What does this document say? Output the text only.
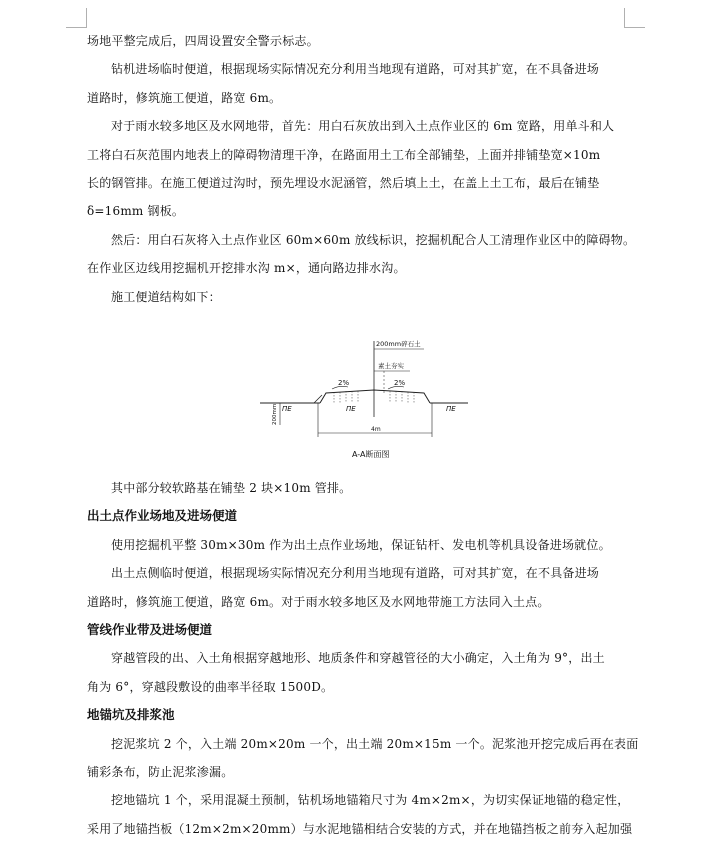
场地平整完成后，四周设置安全警示标志。
钻机进场临时便道，根据现场实际情况充分利用当地现有道路，可对其扩宽，在不具备进场
道路时，修筑施工便道，路宽 6m。
对于雨水较多地区及水网地带，首先：用白石灰放出到入土点作业区的 6m 宽路，用单斗和人
工将白石灰范围内地表上的障碍物清理干净，在路面用土工布全部铺垫，上面并排铺垫宽×10m
长的钢管排。在施工便道过沟时，预先埋设水泥涵管，然后填上土，在盖上土工布，最后在铺垫
δ=16mm 钢板。
然后：用白石灰将入土点作业区 60m×60m 放线标识，挖掘机配合人工清理作业区中的障碍物。
在作业区边线用挖掘机开挖排水沟 m×，通向路边排水沟。
施工便道结构如下：
200mm碎石土
素土夯实
2%	2%
ΠΕ	ΠΕ	ΠΕ
200mm
4m
A-A断面图
其中部分较软路基在铺垫 2 块×10m 管排。
出土点作业场地及进场便道
使用挖掘机平整 30m×30m 作为出土点作业场地，保证钻杆、发电机等机具设备进场就位。
出土点侧临时便道，根据现场实际情况充分利用当地现有道路，可对其扩宽，在不具备进场
道路时，修筑施工便道，路宽 6m。对于雨水较多地区及水网地带施工方法同入土点。
管线作业带及进场便道
穿越管段的出、入土角根据穿越地形、地质条件和穿越管径的大小确定，入土角为 9°，出土
角为 6°，穿越段敷设的曲率半径取 1500D。
地锚坑及排浆池
挖泥浆坑 2 个，入土端 20m×20m 一个，出土端 20m×15m 一个。泥浆池开挖完成后再在表面
铺彩条布，防止泥浆渗漏。
挖地锚坑 1 个，采用混凝土预制，钻机场地锚箱尺寸为 4m×2m×，为切实保证地锚的稳定性，
采用了地锚挡板（12m×2m×20mm）与水泥地锚相结合安装的方式，并在地锚挡板之前夯入起加强
